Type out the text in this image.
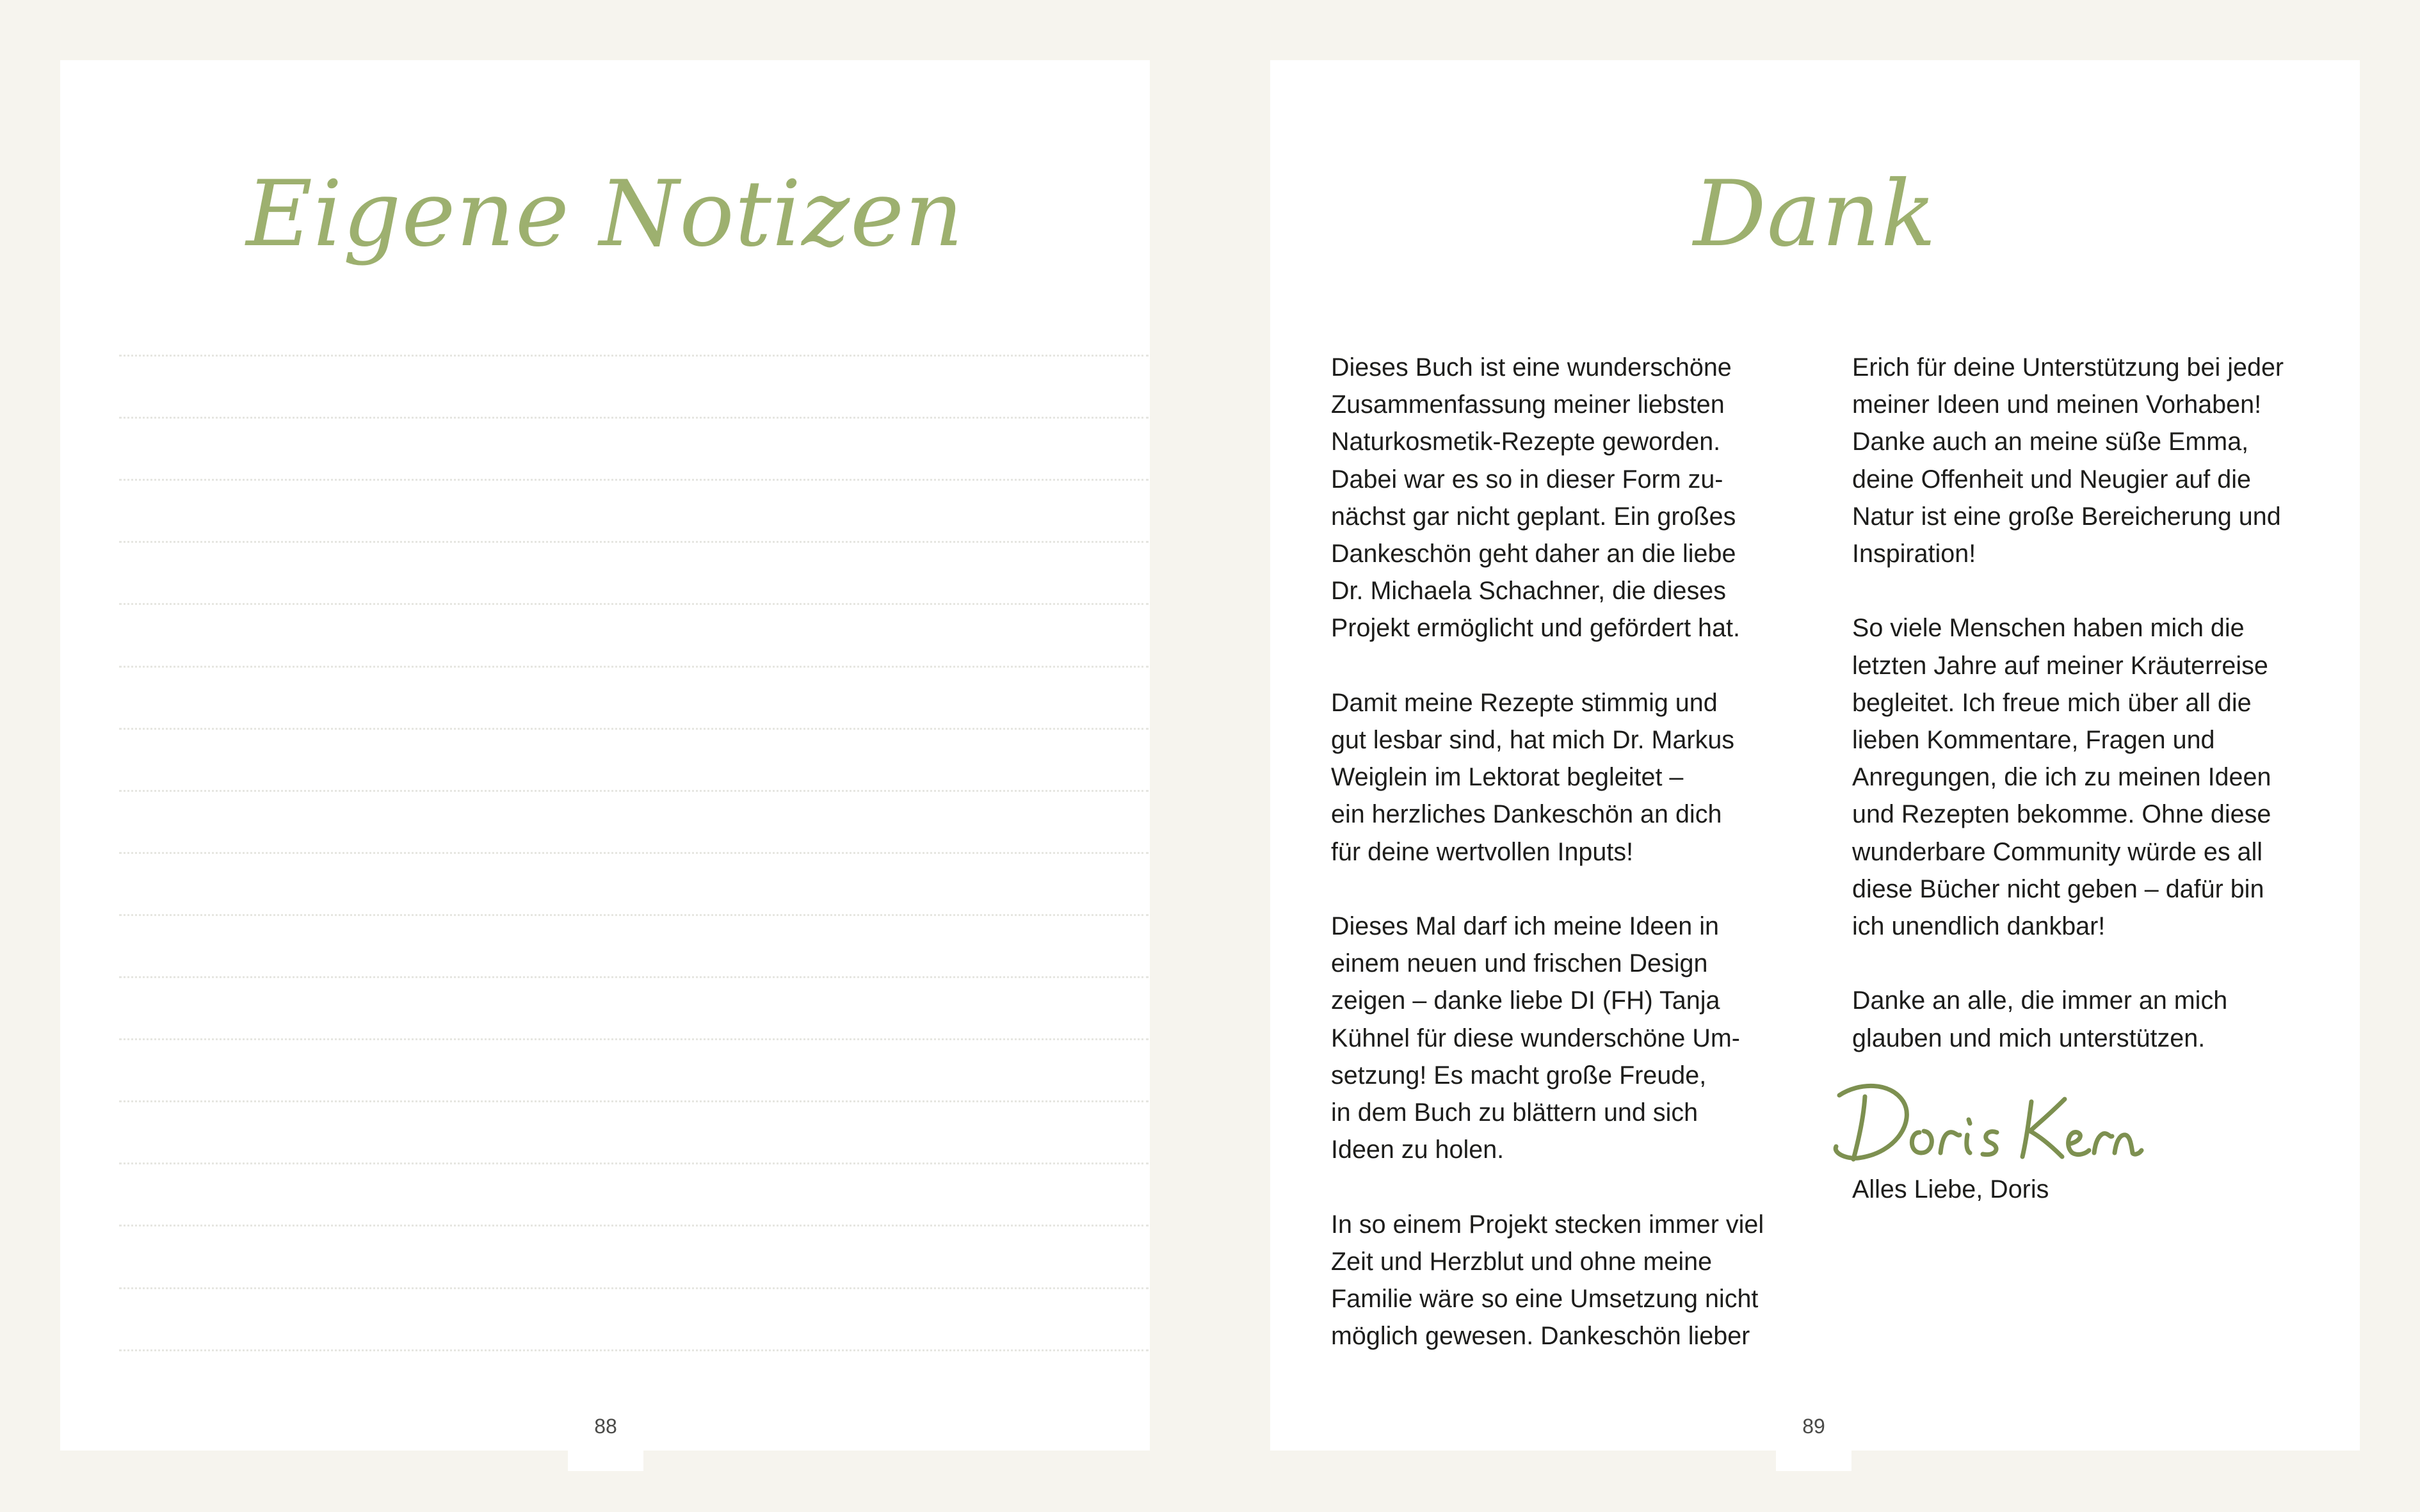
Eigene Notizen
88
Dank

Dieses Buch ist eine wunderschöne
Zusammenfassung meiner liebsten
Naturkosmetik-Rezepte geworden.
Dabei war es so in dieser Form zu-
nächst gar nicht geplant. Ein großes
Dankeschön geht daher an die liebe
Dr. Michaela Schachner, die dieses
Projekt ermöglicht und gefördert hat.

Damit meine Rezepte stimmig und
gut lesbar sind, hat mich Dr. Markus
Weiglein im Lektorat begleitet –
ein herzliches Dankeschön an dich
für deine wertvollen Inputs!

Dieses Mal darf ich meine Ideen in
einem neuen und frischen Design
zeigen – danke liebe DI (FH) Tanja
Kühnel für diese wunderschöne Um-
setzung! Es macht große Freude,
in dem Buch zu blättern und sich
Ideen zu holen.

In so einem Projekt stecken immer viel
Zeit und Herzblut und ohne meine
Familie wäre so eine Umsetzung nicht
möglich gewesen. Dankeschön lieber

Erich für deine Unterstützung bei jeder
meiner Ideen und meinen Vorhaben!
Danke auch an meine süße Emma,
deine Offenheit und Neugier auf die
Natur ist eine große Bereicherung und
Inspiration!

So viele Menschen haben mich die
letzten Jahre auf meiner Kräuterreise
begleitet. Ich freue mich über all die
lieben Kommentare, Fragen und
Anregungen, die ich zu meinen Ideen
und Rezepten bekomme. Ohne diese
wunderbare Community würde es all
diese Bücher nicht geben – dafür bin
ich unendlich dankbar!

Danke an alle, die immer an mich
glauben und mich unterstützen.

Alles Liebe, Doris

89
